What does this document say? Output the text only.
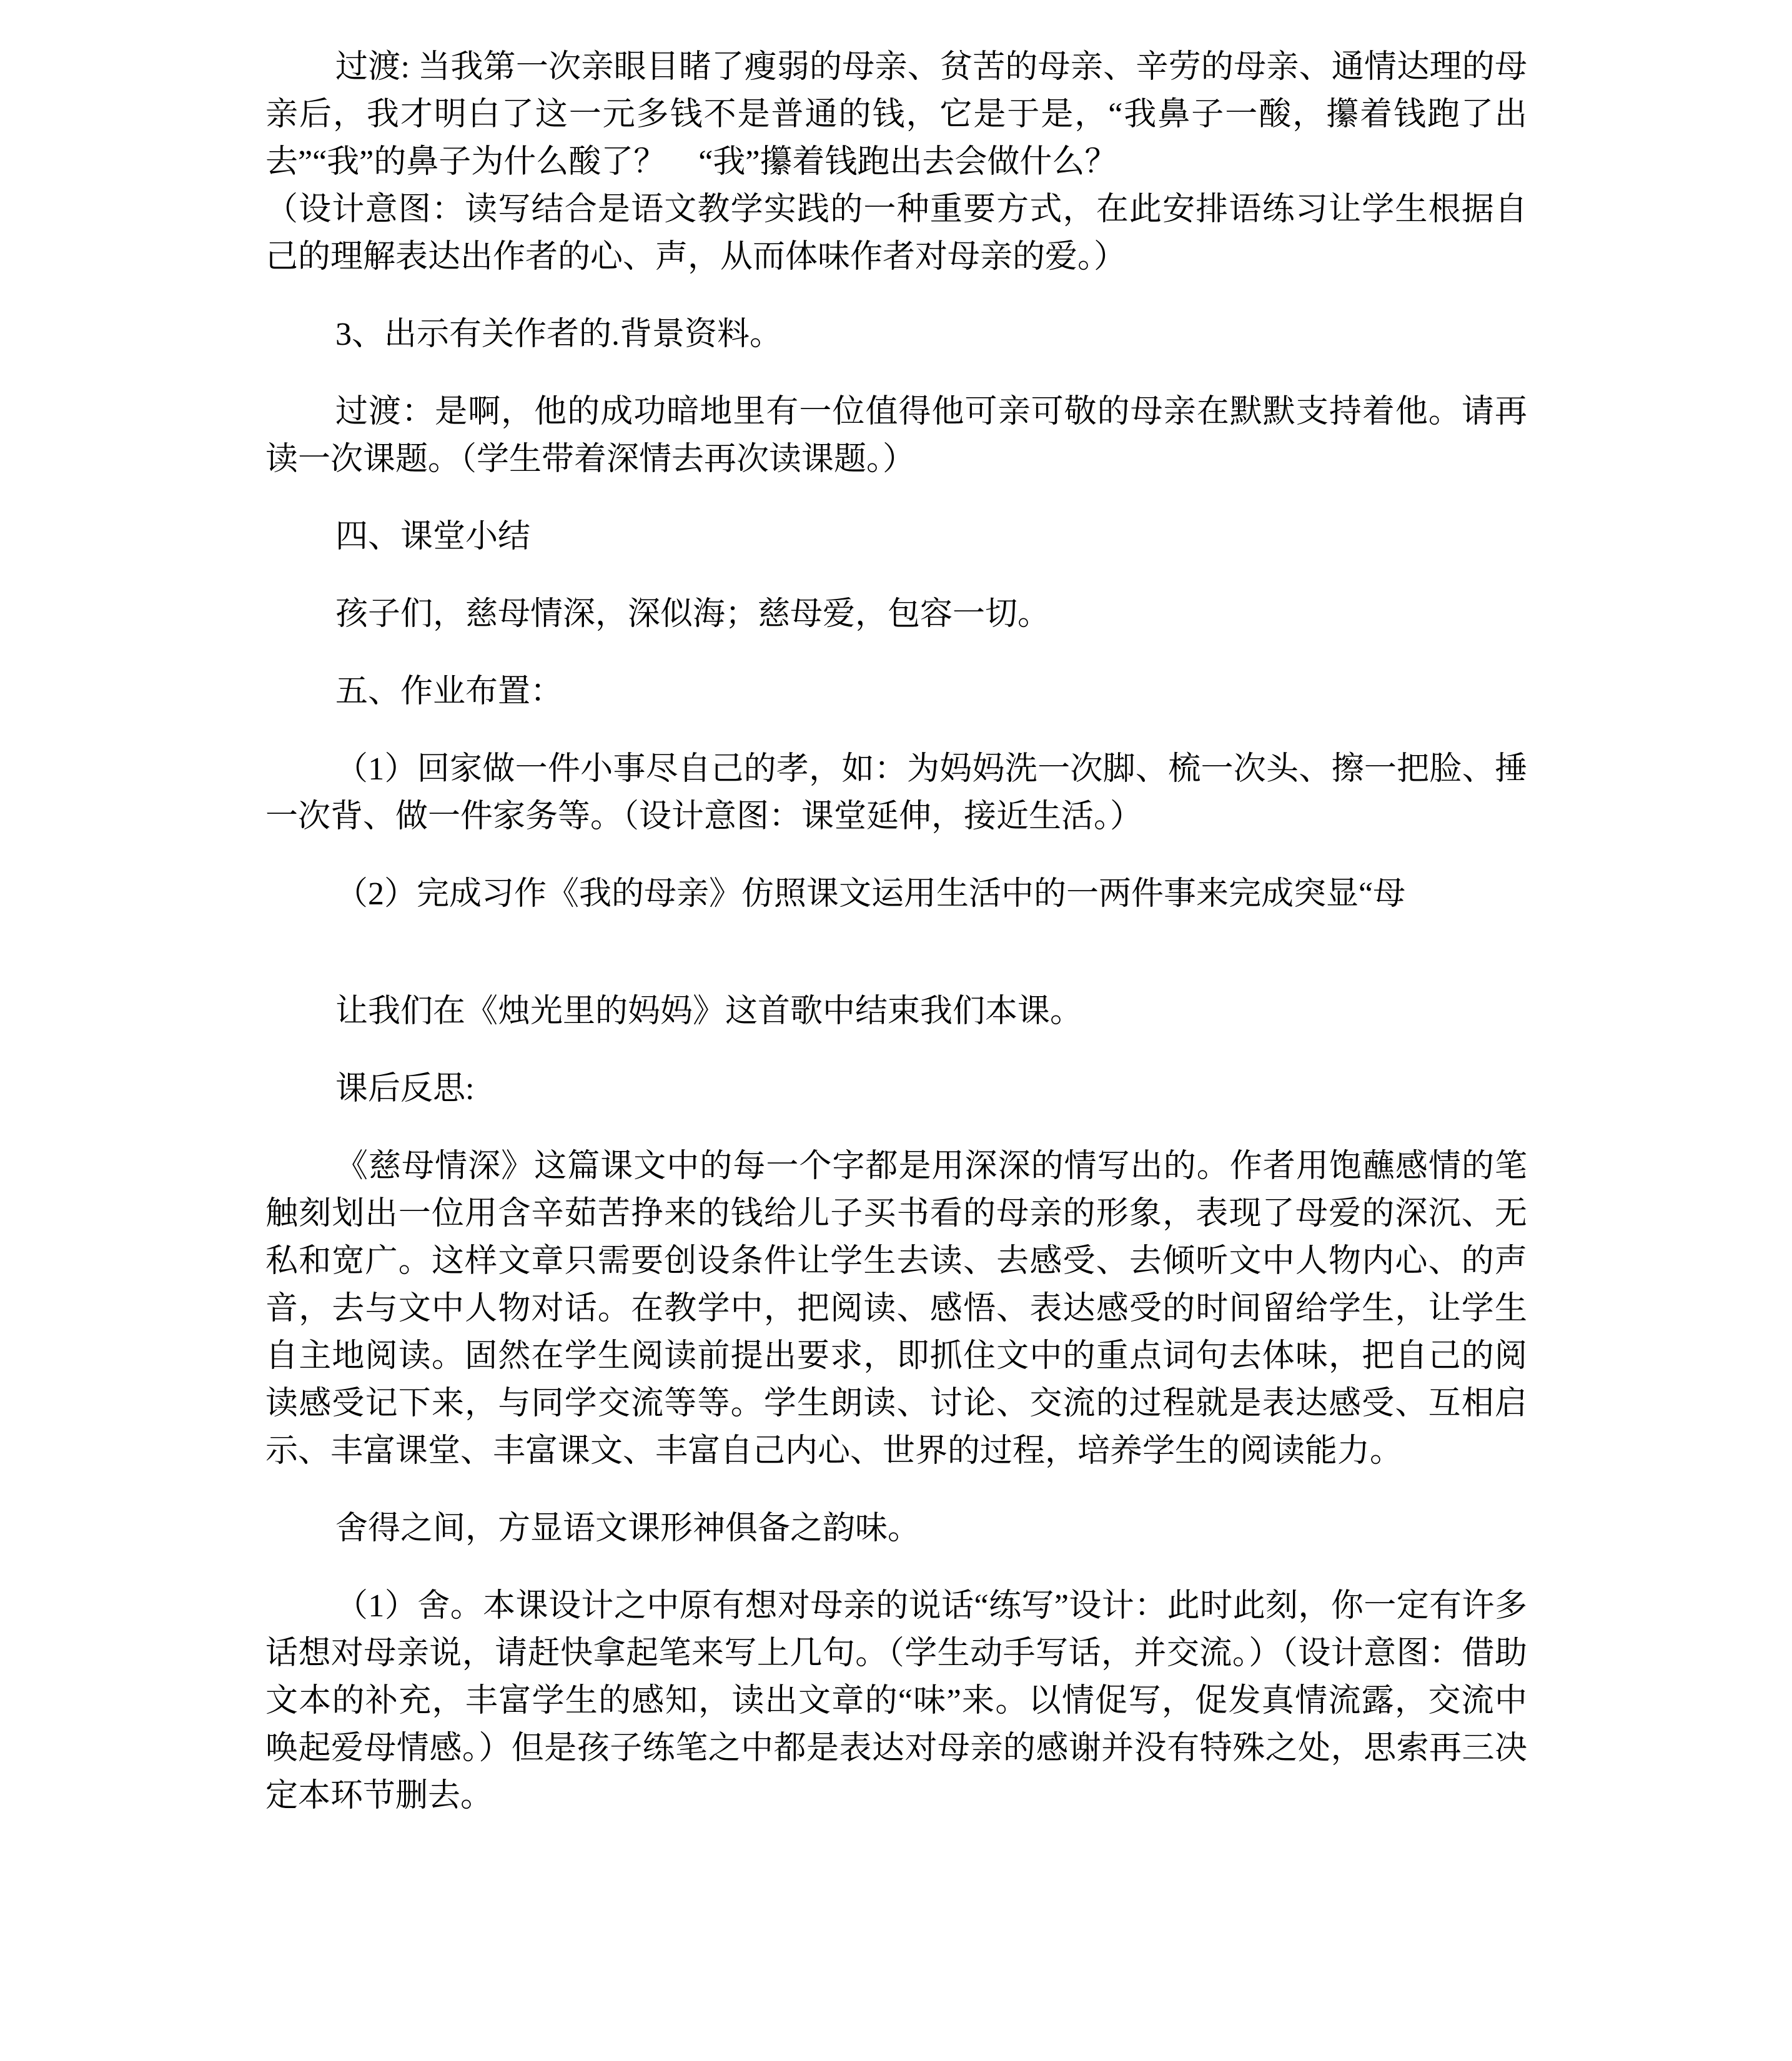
过渡: 当我第一次亲眼目睹了瘦弱的母亲、贫苦的母亲、辛劳的母亲、通情达理的母亲后，我才明白了这一元多钱不是普通的钱，它是于是，“我鼻子一酸，攥着钱跑了出去”“我”的鼻子为什么酸了？　“我”攥着钱跑出去会做什么？

（设计意图：读写结合是语文教学实践的一种重要方式，在此安排语练习让学生根据自己的理解表达出作者的心、声，从而体味作者对母亲的爱。）

3、出示有关作者的.背景资料。

过渡：是啊，他的成功暗地里有一位值得他可亲可敬的母亲在默默支持着他。请再读一次课题。（学生带着深情去再次读课题。）

四、课堂小结

孩子们，慈母情深，深似海；慈母爱，包容一切。

五、作业布置：

（1）回家做一件小事尽自己的孝，如：为妈妈洗一次脚、梳一次头、擦一把脸、捶一次背、做一件家务等。（设计意图：课堂延伸，接近生活。）

（2）完成习作《我的母亲》仿照课文运用生活中的一两件事来完成突显“母

让我们在《烛光里的妈妈》这首歌中结束我们本课。

课后反思:

《慈母情深》这篇课文中的每一个字都是用深深的情写出的。作者用饱蘸感情的笔触刻划出一位用含辛茹苦挣来的钱给儿子买书看的母亲的形象，表现了母爱的深沉、无私和宽广。这样文章只需要创设条件让学生去读、去感受、去倾听文中人物内心、的声音，去与文中人物对话。在教学中，把阅读、感悟、表达感受的时间留给学生，让学生自主地阅读。固然在学生阅读前提出要求，即抓住文中的重点词句去体味，把自己的阅读感受记下来，与同学交流等等。学生朗读、讨论、交流的过程就是表达感受、互相启示、丰富课堂、丰富课文、丰富自己内心、世界的过程，培养学生的阅读能力。

舍得之间，方显语文课形神俱备之韵味。

（1）舍。本课设计之中原有想对母亲的说话“练写”设计：此时此刻，你一定有许多话想对母亲说，请赶快拿起笔来写上几句。（学生动手写话，并交流。）（设计意图：借助文本的补充，丰富学生的感知，读出文章的“味”来。以情促写，促发真情流露，交流中唤起爱母情感。）但是孩子练笔之中都是表达对母亲的感谢并没有特殊之处，思索再三决定本环节删去。
